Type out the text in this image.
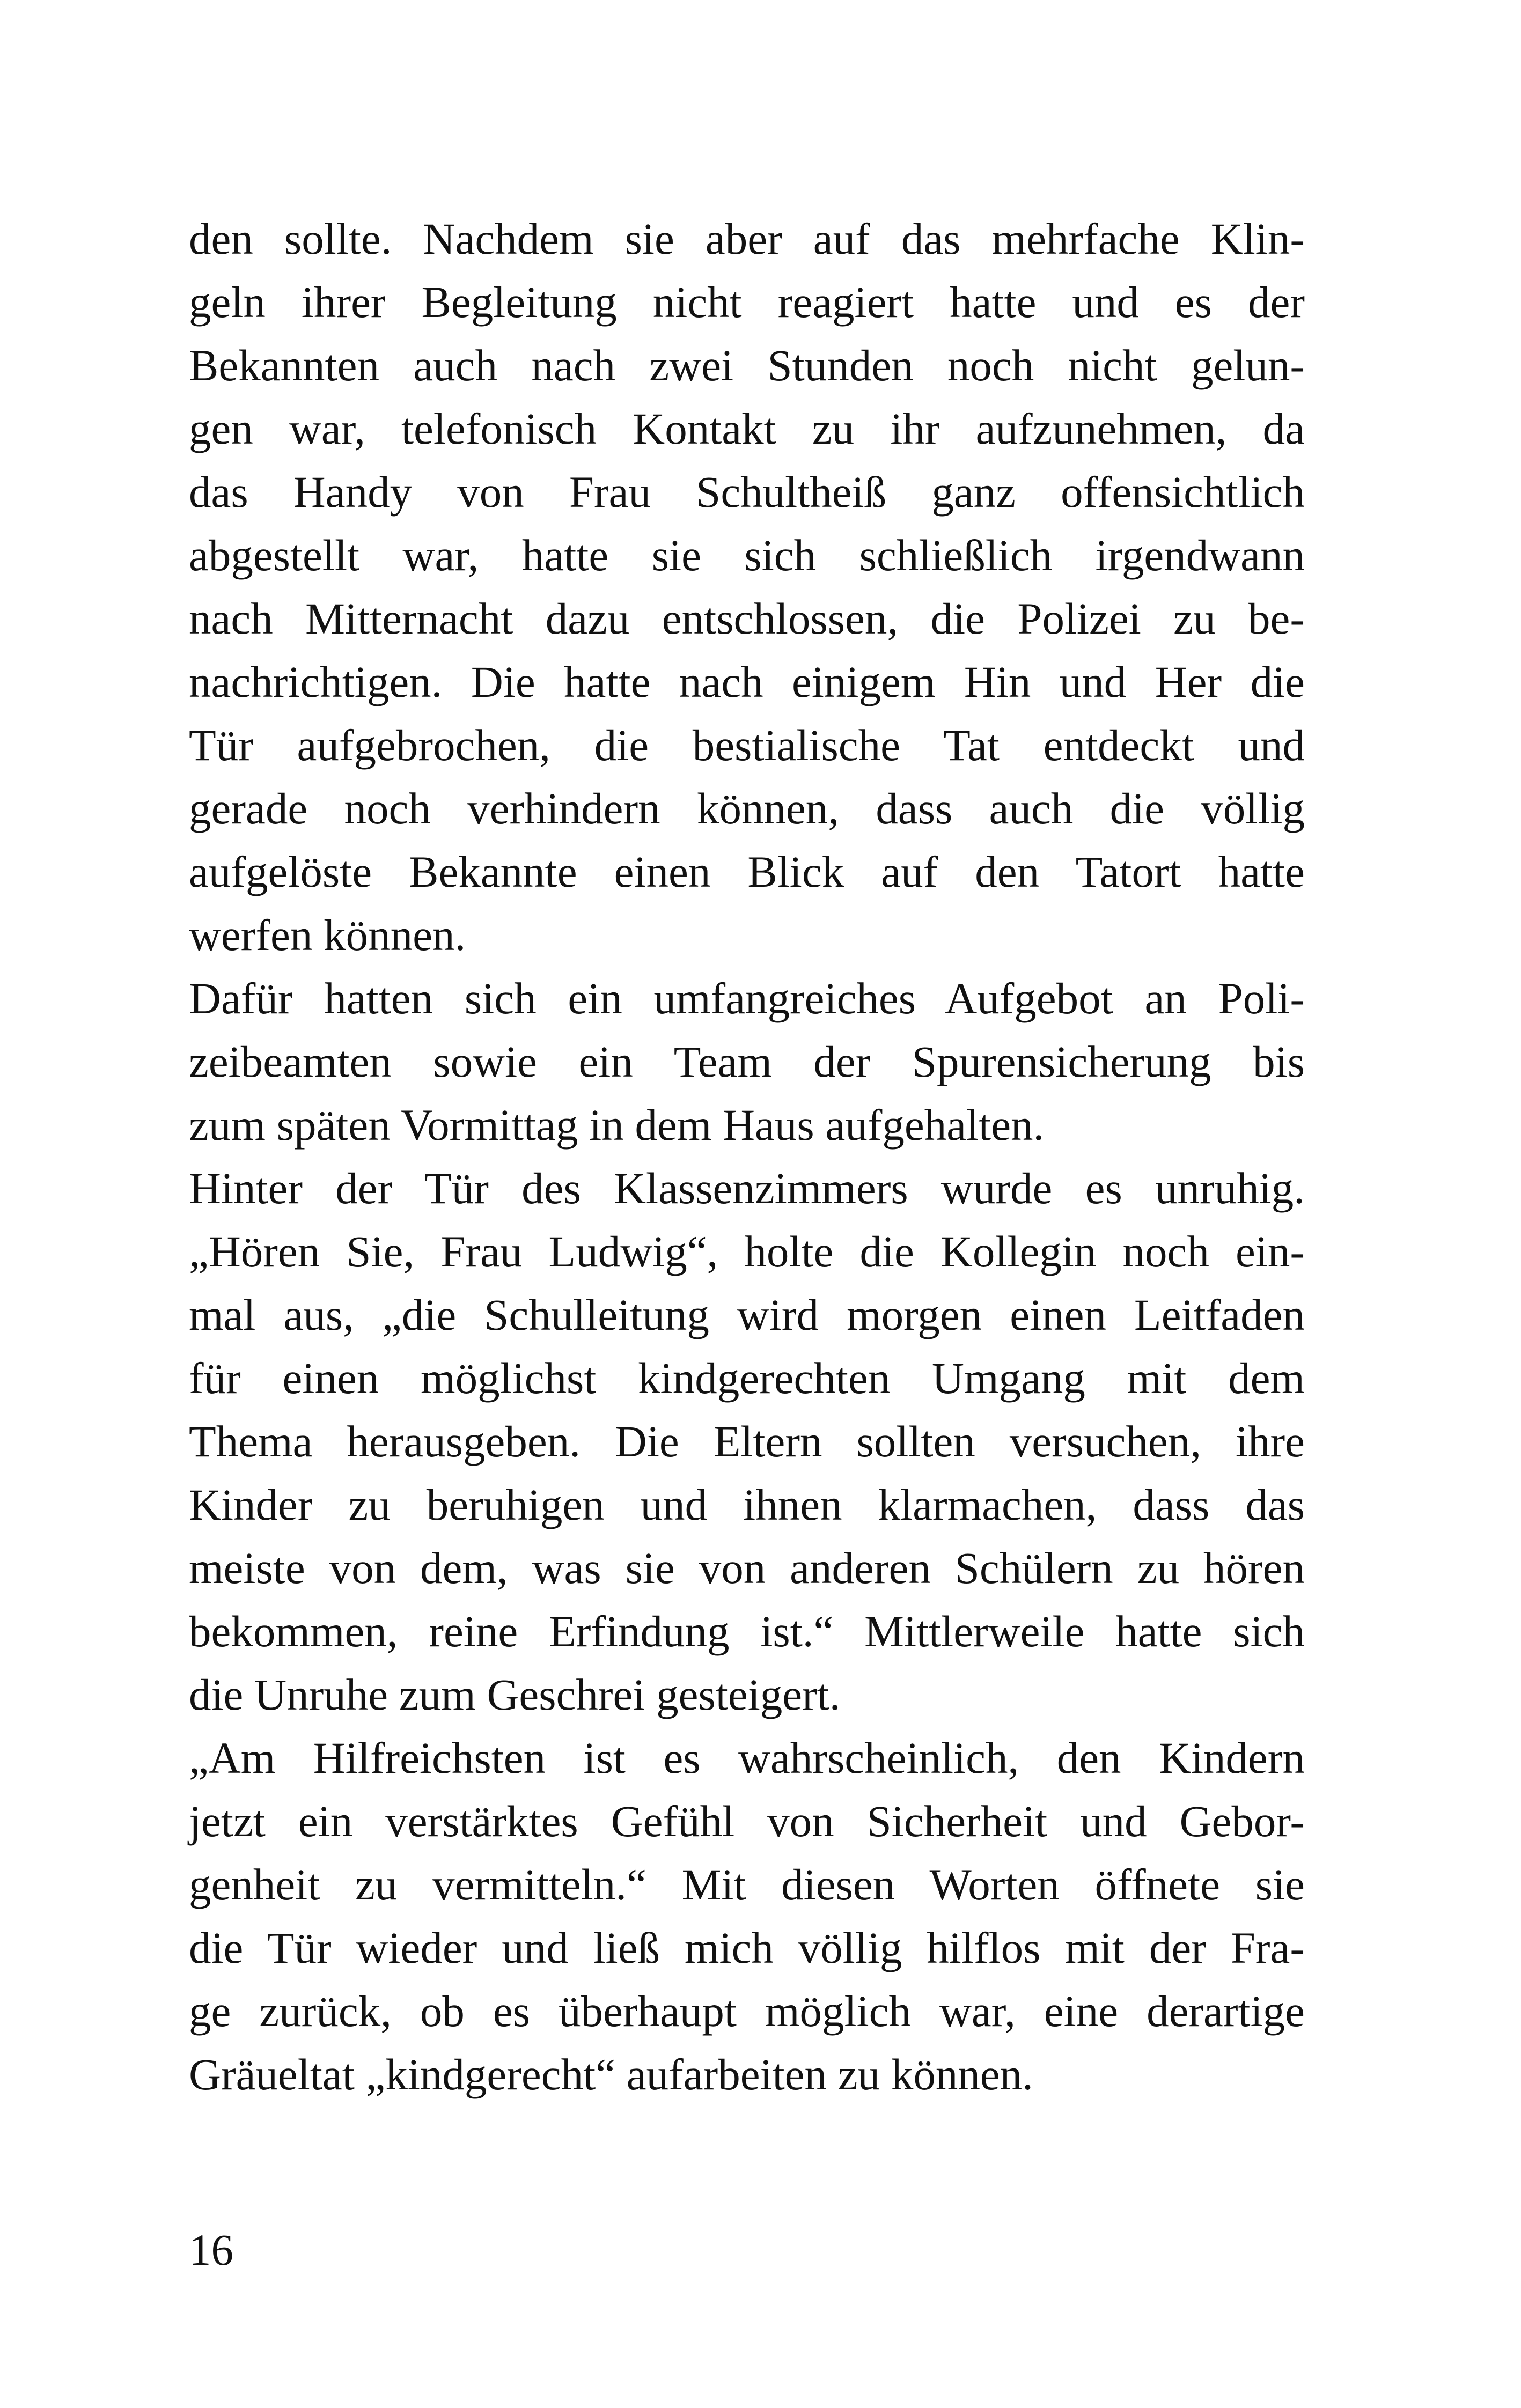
den sollte. Nachdem sie aber auf das mehrfache Klin-
geln ihrer Begleitung nicht reagiert hatte und es der
Bekannten auch nach zwei Stunden noch nicht gelun-
gen war, telefonisch Kontakt zu ihr aufzunehmen, da
das Handy von Frau Schultheiß ganz offensichtlich
abgestellt war, hatte sie sich schließlich irgendwann
nach Mitternacht dazu entschlossen, die Polizei zu be-
nachrichtigen. Die hatte nach einigem Hin und Her die
Tür aufgebrochen, die bestialische Tat entdeckt und
gerade noch verhindern können, dass auch die völlig
aufgelöste Bekannte einen Blick auf den Tatort hatte
werfen können.
Dafür hatten sich ein umfangreiches Aufgebot an Poli-
zeibeamten sowie ein Team der Spurensicherung bis
zum späten Vormittag in dem Haus aufgehalten.
Hinter der Tür des Klassenzimmers wurde es unruhig.
„Hören Sie, Frau Ludwig“, holte die Kollegin noch ein-
mal aus, „die Schulleitung wird morgen einen Leitfaden
für einen möglichst kindgerechten Umgang mit dem
Thema herausgeben. Die Eltern sollten versuchen, ihre
Kinder zu beruhigen und ihnen klarmachen, dass das
meiste von dem, was sie von anderen Schülern zu hören
bekommen, reine Erfindung ist.“ Mittlerweile hatte sich
die Unruhe zum Geschrei gesteigert.
„Am Hilfreichsten ist es wahrscheinlich, den Kindern
jetzt ein verstärktes Gefühl von Sicherheit und Gebor-
genheit zu vermitteln.“ Mit diesen Worten öffnete sie
die Tür wieder und ließ mich völlig hilflos mit der Fra-
ge zurück, ob es überhaupt möglich war, eine derartige
Gräueltat „kindgerecht“ aufarbeiten zu können.
16
